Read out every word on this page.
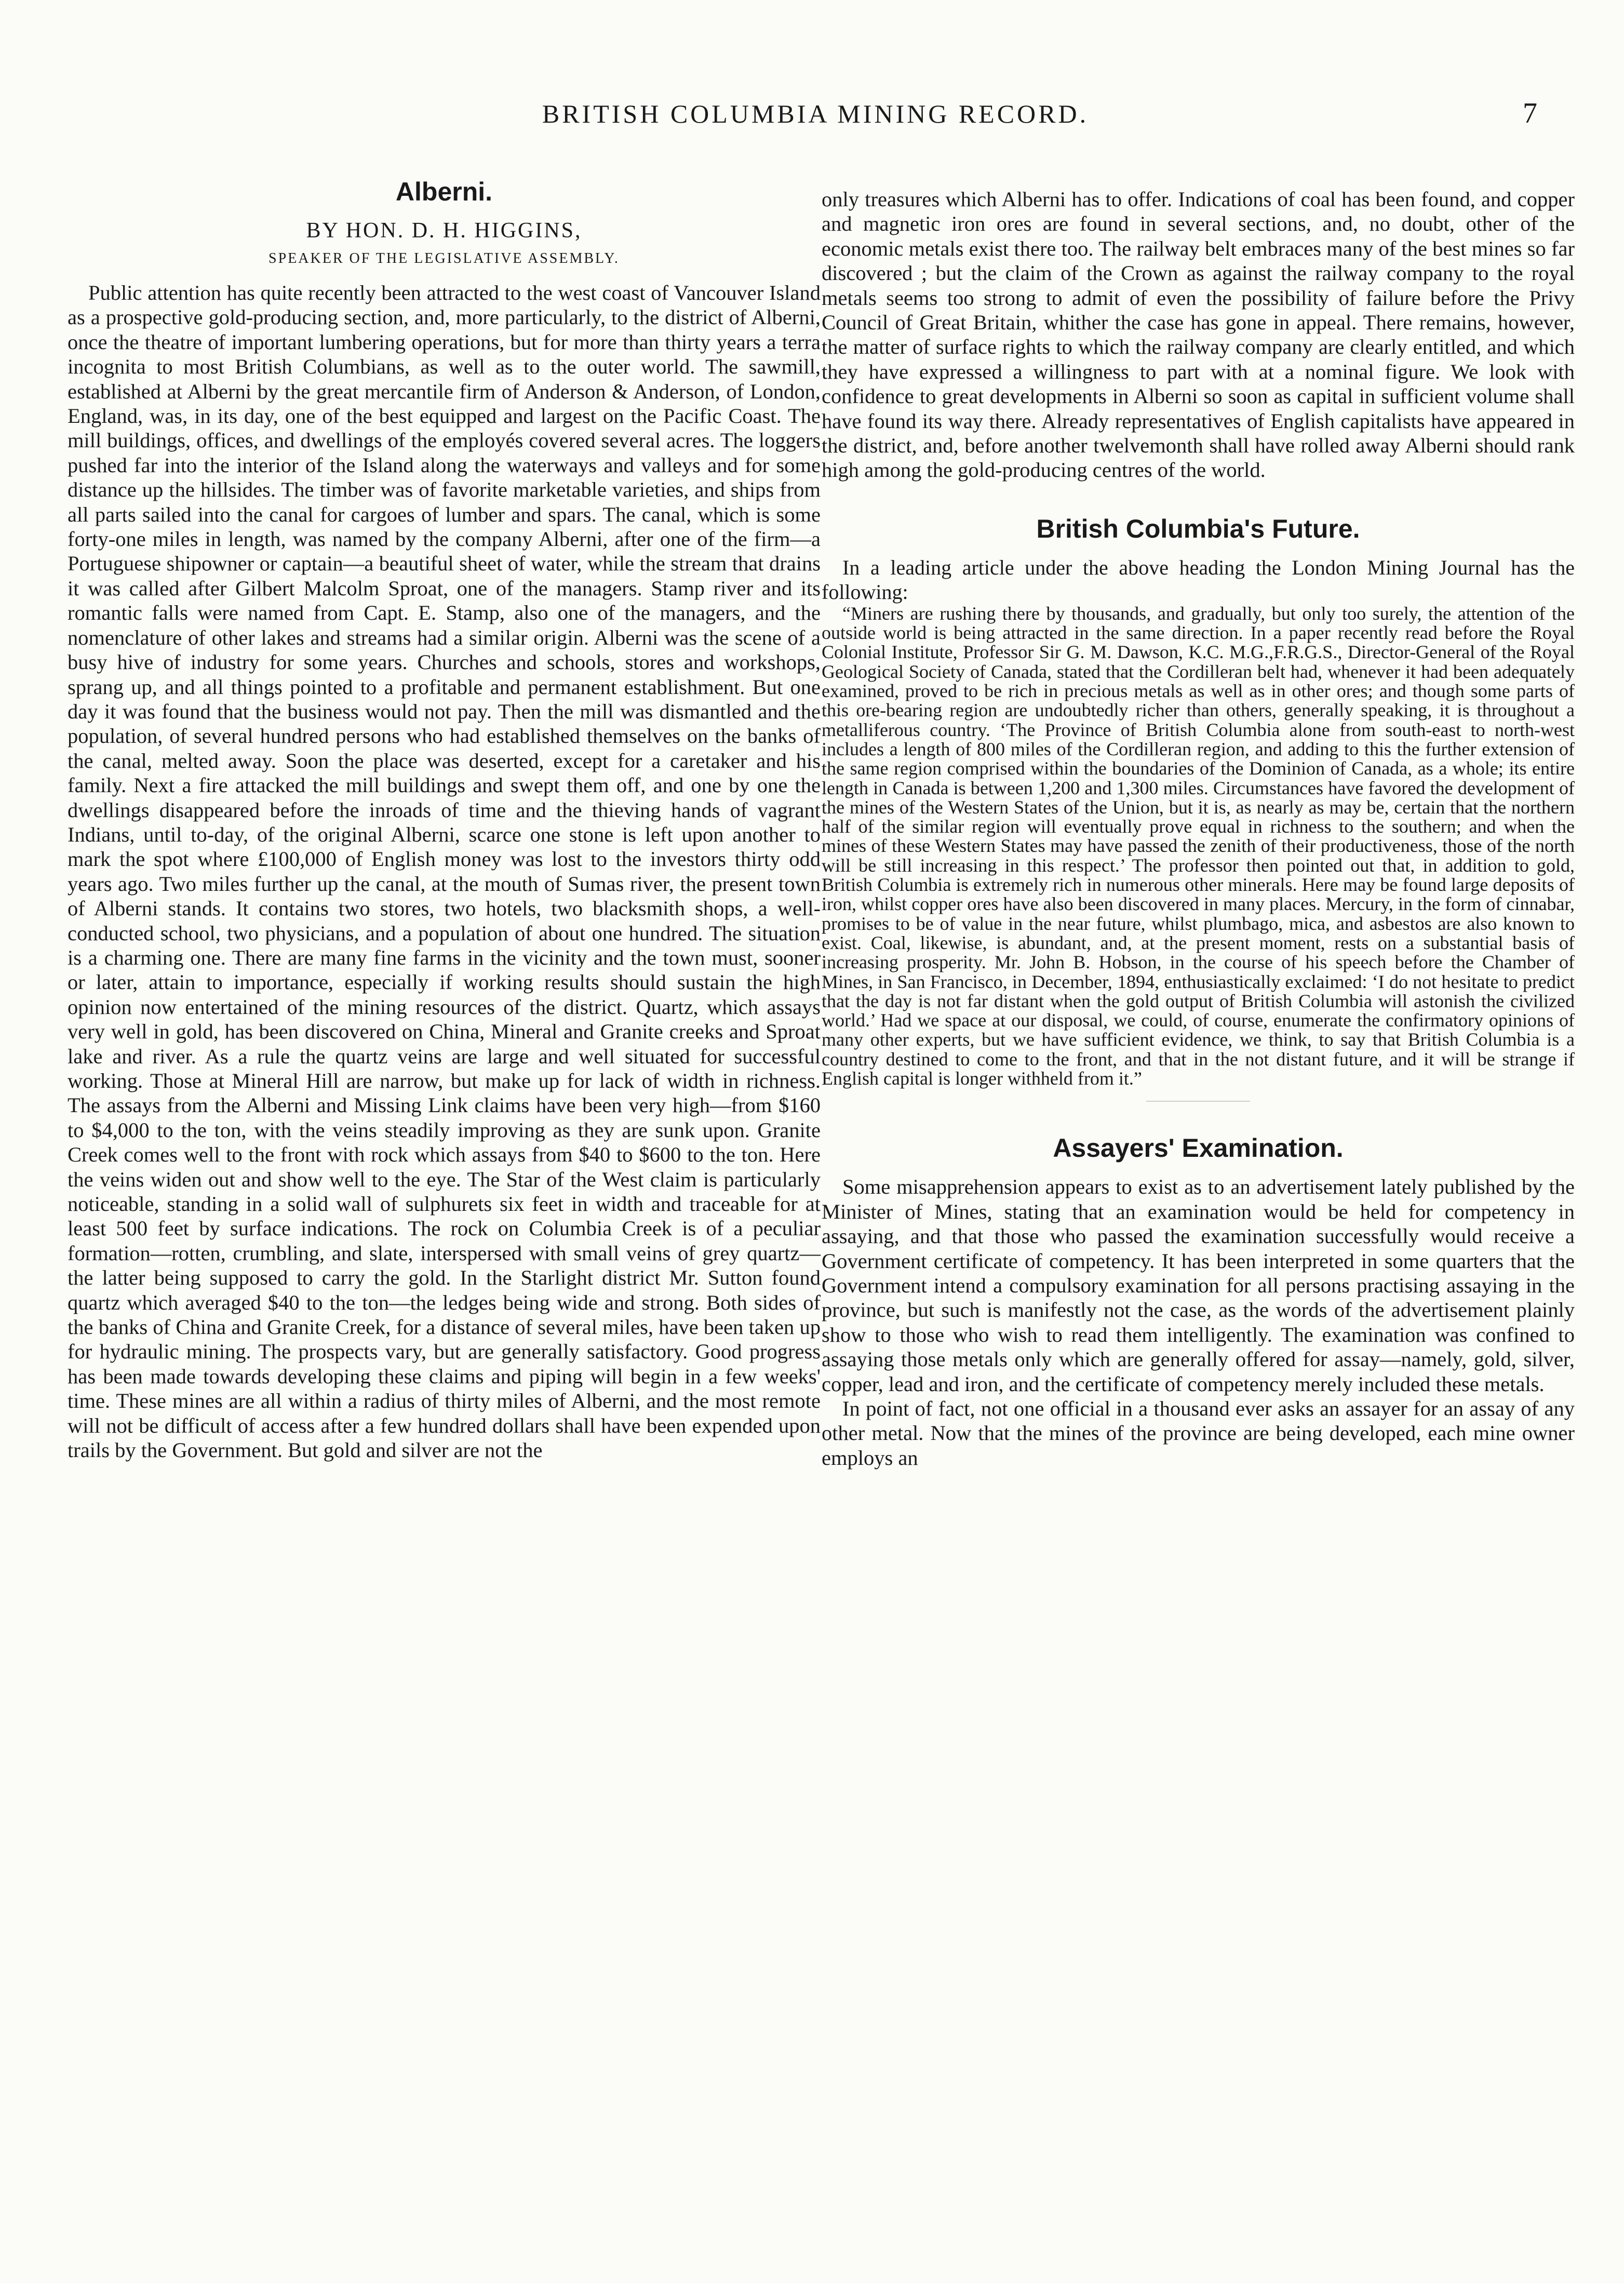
BRITISH COLUMBIA MINING RECORD.	7
Alberni.
BY HON. D. H. HIGGINS,
SPEAKER OF THE LEGISLATIVE ASSEMBLY.

Public attention has quite recently been attracted to the west coast of Vancouver Island as a prospective gold-producing section, and, more particularly, to the district of Alberni, once the theatre of important lumbering operations, but for more than thirty years a terra incognita to most British Columbians, as well as to the outer world. The sawmill, established at Alberni by the great mercantile firm of Anderson & Anderson, of London, England, was, in its day, one of the best equipped and largest on the Pacific Coast. The mill buildings, offices, and dwellings of the employés covered several acres. The loggers pushed far into the interior of the Island along the waterways and valleys and for some distance up the hillsides. The timber was of favorite marketable varieties, and ships from all parts sailed into the canal for cargoes of lumber and spars. The canal, which is some forty-one miles in length, was named by the company Alberni, after one of the firm—a Portuguese shipowner or captain—a beautiful sheet of water, while the stream that drains it was called after Gilbert Malcolm Sproat, one of the managers. Stamp river and its romantic falls were named from Capt. E. Stamp, also one of the managers, and the nomenclature of other lakes and streams had a similar origin. Alberni was the scene of a busy hive of industry for some years. Churches and schools, stores and workshops, sprang up, and all things pointed to a profitable and permanent establishment. But one day it was found that the business would not pay. Then the mill was dismantled and the population, of several hundred persons who had established themselves on the banks of the canal, melted away. Soon the place was deserted, except for a caretaker and his family. Next a fire attacked the mill buildings and swept them off, and one by one the dwellings disappeared before the inroads of time and the thieving hands of vagrant Indians, until to-day, of the original Alberni, scarce one stone is left upon another to mark the spot where £100,000 of English money was lost to the investors thirty odd years ago. Two miles further up the canal, at the mouth of Sumas river, the present town of Alberni stands. It contains two stores, two hotels, two blacksmith shops, a well-conducted school, two physicians, and a population of about one hundred. The situation is a charming one. There are many fine farms in the vicinity and the town must, sooner or later, attain to importance, especially if working results should sustain the high opinion now entertained of the mining resources of the district. Quartz, which assays very well in gold, has been discovered on China, Mineral and Granite creeks and Sproat lake and river. As a rule the quartz veins are large and well situated for successful working. Those at Mineral Hill are narrow, but make up for lack of width in richness. The assays from the Alberni and Missing Link claims have been very high—from $160 to $4,000 to the ton, with the veins steadily improving as they are sunk upon. Granite Creek comes well to the front with rock which assays from $40 to $600 to the ton. Here the veins widen out and show well to the eye. The Star of the West claim is particularly noticeable, standing in a solid wall of sulphurets six feet in width and traceable for at least 500 feet by surface indications. The rock on Columbia Creek is of a peculiar formation—rotten, crumbling, and slate, interspersed with small veins of grey quartz—the latter being supposed to carry the gold. In the Starlight district Mr. Sutton found quartz which averaged $40 to the ton—the ledges being wide and strong. Both sides of the banks of China and Granite Creek, for a distance of several miles, have been taken up for hydraulic mining. The prospects vary, but are generally satisfactory. Good progress has been made towards developing these claims and piping will begin in a few weeks' time. These mines are all within a radius of thirty miles of Alberni, and the most remote will not be difficult of access after a few hundred dollars shall have been expended upon trails by the Government. But gold and silver are not the

only treasures which Alberni has to offer. Indications of coal has been found, and copper and magnetic iron ores are found in several sections, and, no doubt, other of the economic metals exist there too. The railway belt embraces many of the best mines so far discovered ; but the claim of the Crown as against the railway company to the royal metals seems too strong to admit of even the possibility of failure before the Privy Council of Great Britain, whither the case has gone in appeal. There remains, however, the matter of surface rights to which the railway company are clearly entitled, and which they have expressed a willingness to part with at a nominal figure. We look with confidence to great developments in Alberni so soon as capital in sufficient volume shall have found its way there. Already representatives of English capitalists have appeared in the district, and, before another twelvemonth shall have rolled away Alberni should rank high among the gold-producing centres of the world.

British Columbia's Future.

In a leading article under the above heading the London Mining Journal has the following:

“Miners are rushing there by thousands, and gradually, but only too surely, the attention of the outside world is being attracted in the same direction. In a paper recently read before the Royal Colonial Institute, Professor Sir G. M. Dawson, K.C. M.G.,F.R.G.S., Director-General of the Royal Geological Society of Canada, stated that the Cordilleran belt had, whenever it had been adequately examined, proved to be rich in precious metals as well as in other ores; and though some parts of this ore-bearing region are undoubtedly richer than others, generally speaking, it is throughout a metalliferous country. ‘The Province of British Columbia alone from south-east to north-west includes a length of 800 miles of the Cordilleran region, and adding to this the further extension of the same region comprised within the boundaries of the Dominion of Canada, as a whole; its entire length in Canada is between 1,200 and 1,300 miles. Circumstances have favored the development of the mines of the Western States of the Union, but it is, as nearly as may be, certain that the northern half of the similar region will eventually prove equal in richness to the southern; and when the mines of these Western States may have passed the zenith of their productiveness, those of the north will be still increasing in this respect.’ The professor then pointed out that, in addition to gold, British Columbia is extremely rich in numerous other minerals. Here may be found large deposits of iron, whilst copper ores have also been discovered in many places. Mercury, in the form of cinnabar, promises to be of value in the near future, whilst plumbago, mica, and asbestos are also known to exist. Coal, likewise, is abundant, and, at the present moment, rests on a substantial basis of increasing prosperity. Mr. John B. Hobson, in the course of his speech before the Chamber of Mines, in San Francisco, in December, 1894, enthusiastically exclaimed: ‘I do not hesitate to predict that the day is not far distant when the gold output of British Columbia will astonish the civilized world.’ Had we space at our disposal, we could, of course, enumerate the confirmatory opinions of many other experts, but we have sufficient evidence, we think, to say that British Columbia is a country destined to come to the front, and that in the not distant future, and it will be strange if English capital is longer withheld from it.”

Assayers' Examination.

Some misapprehension appears to exist as to an advertisement lately published by the Minister of Mines, stating that an examination would be held for competency in assaying, and that those who passed the examination successfully would receive a Government certificate of competency. It has been interpreted in some quarters that the Government intend a compulsory examination for all persons practising assaying in the province, but such is manifestly not the case, as the words of the advertisement plainly show to those who wish to read them intelligently. The examination was confined to assaying those metals only which are generally offered for assay—namely, gold, silver, copper, lead and iron, and the certificate of competency merely included these metals.

In point of fact, not one official in a thousand ever asks an assayer for an assay of any other metal. Now that the mines of the province are being developed, each mine owner employs an
